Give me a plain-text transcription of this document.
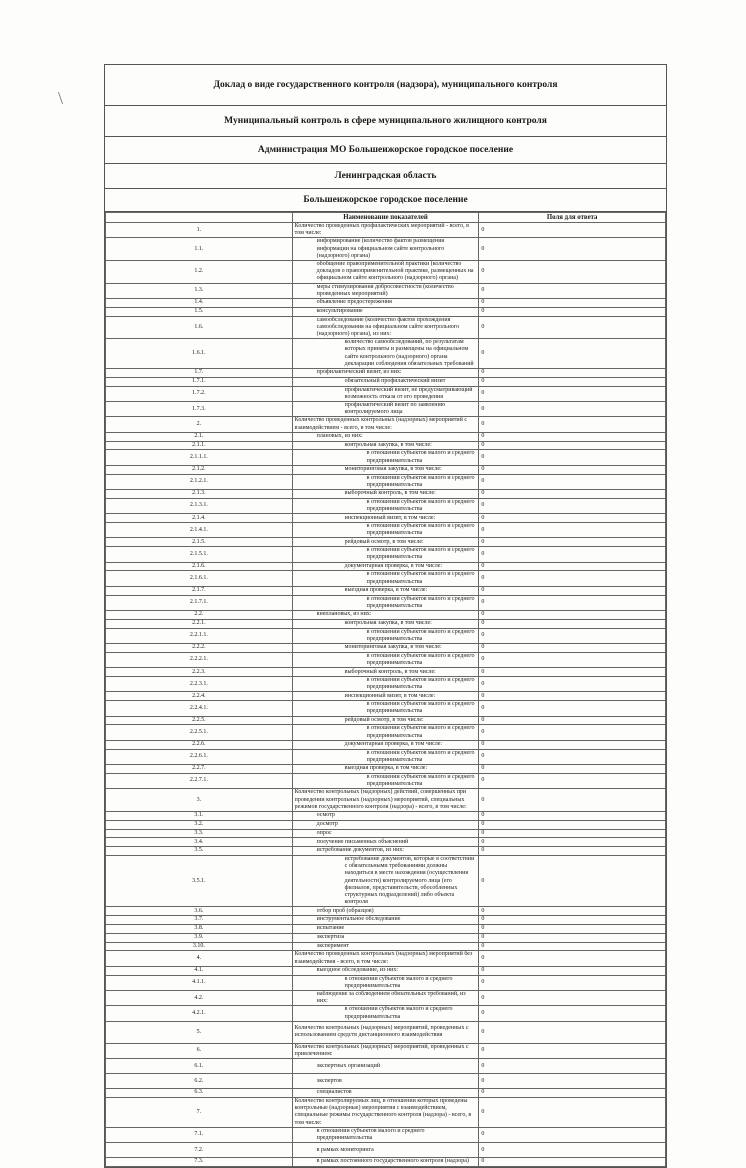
\
Доклад о виде государственного контроля (надзора), муниципального контроля
Муниципальный контроль в сфере муниципального жилищного контроля
Администрация МО Большеижорское городское поселение
Ленинградская область
Большеижорское городское поселение
	Наименование показателей	Поля для ответа
1.	Количество проведенных профилактических мероприятий - всего, в том числе:	0
1.1.	информирование (количество фактов размещения информации на официальном сайте контрольного (надзорного) органа)	0
1.2.	обобщение правоприменительной практики (количество докладов о правоприменительной практике, размещенных на официальном сайте контрольного (надзорного) органа)	0
1.3.	меры стимулирования добросовестности (количество проведенных мероприятий)	0
1.4.	объявление предостережения	0
1.5.	консультирование	0
1.6.	самообследование (количество фактов прохождения самообследования на официальном сайте контрольного (надзорного) органа), из них:	0
1.6.1.	количество самообследований, по результатам которых приняты и размещены на официальном сайте контрольного (надзорного) органа декларации соблюдения обязательных требований	0
1.7.	профилактический визит, из них:	0
1.7.1.	обязательный профилактический визит	0
1.7.2.	профилактический визит, не предусматривающий возможность отказа от его проведения	0
1.7.3.	профилактический визит по заявлению контролируемого лица	0
2.	Количество проведенных контрольных (надзорных) мероприятий с взаимодействием - всего, в том числе:	0
2.1.	плановых, из них:	0
2.1.1.	контрольная закупка, в том числе:	0
2.1.1.1.	в отношении субъектов малого и среднего предпринимательства	0
2.1.2.	мониторинговая закупка, в том числе:	0
2.1.2.1.	в отношении субъектов малого и среднего предпринимательства	0
2.1.3.	выборочный контроль, в том числе:	0
2.1.3.1.	в отношении субъектов малого и среднего предпринимательства	0
2.1.4.	инспекционный визит, в том числе:	0
2.1.4.1.	в отношении субъектов малого и среднего предпринимательства	0
2.1.5.	рейдовый осмотр, в том числе:	0
2.1.5.1.	в отношении субъектов малого и среднего предпринимательства	0
2.1.6.	документарная проверка, в том числе:	0
2.1.6.1.	в отношении субъектов малого и среднего предпринимательства	0
2.1.7.	выездная проверка, в том числе:	0
2.1.7.1.	в отношении субъектов малого и среднего предпринимательства	0
2.2.	внеплановых, из них:	0
2.2.1.	контрольная закупка, в том числе:	0
2.2.1.1.	в отношении субъектов малого и среднего предпринимательства	0
2.2.2.	мониторинговая закупка, в том числе:	0
2.2.2.1.	в отношении субъектов малого и среднего предпринимательства	0
2.2.3.	выборочный контроль, в том числе:	0
2.2.3.1.	в отношении субъектов малого и среднего предпринимательства	0
2.2.4.	инспекционный визит, в том числе:	0
2.2.4.1.	в отношении субъектов малого и среднего предпринимательства	0
2.2.5.	рейдовый осмотр, в том числе:	0
2.2.5.1.	в отношении субъектов малого и среднего предпринимательства	0
2.2.6.	документарная проверка, в том числе:	0
2.2.6.1.	в отношении субъектов малого и среднего предпринимательства	0
2.2.7.	выездная проверка, в том числе:	0
2.2.7.1.	в отношении субъектов малого и среднего предпринимательства	0
3.	Количество контрольных (надзорных) действий, совершенных при проведении контрольных (надзорных) мероприятий, специальных режимов государственного контроля (надзора) - всего, в том числе:	0
3.1.	осмотр	0
3.2.	досмотр	0
3.3.	опрос	0
3.4.	получение письменных объяснений	0
3.5.	истребование документов, из них:	0
3.5.1.	истребование документов, которые в соответствии с обязательными требованиями должны находиться в месте нахождения (осуществления деятельности) контролируемого лица (его филиалов, представительств, обособленных структурных подразделений) либо объекта контроля	0
3.6.	отбор проб (образцов)	0
3.7.	инструментальное обследование	0
3.8.	испытание	0
3.9.	экспертиза	0
3.10.	эксперимент	0
4.	Количество проведенных контрольных (надзорных) мероприятий без взаимодействия - всего, в том числе:	0
4.1.	выездное обследование, из них:	0
4.1.1.	в отношении субъектов малого и среднего предпринимательства	0
4.2.	наблюдение за соблюдением обязательных требований, из них:	0
4.2.1.	в отношении субъектов малого и среднего предпринимательства	0
5.	Количество контрольных (надзорных) мероприятий, проведенных с использованием средств дистанционного взаимодействия	0
6.	Количество контрольных (надзорных) мероприятий, проведенных с привлечением:	0
6.1.	экспертных организаций	0
6.2.	экспертов	0
6.3.	специалистов	0
7.	Количество контролируемых лиц, в отношении которых проведены контрольные (надзорные) мероприятия с взаимодействием, специальные режимы государственного контроля (надзора) - всего, в том числе:	0
7.1.	в отношении субъектов малого и среднего предпринимательства	0
7.2.	в рамках мониторинга	0
7.3.	в рамках постоянного государственного контроля (надзора)	0
